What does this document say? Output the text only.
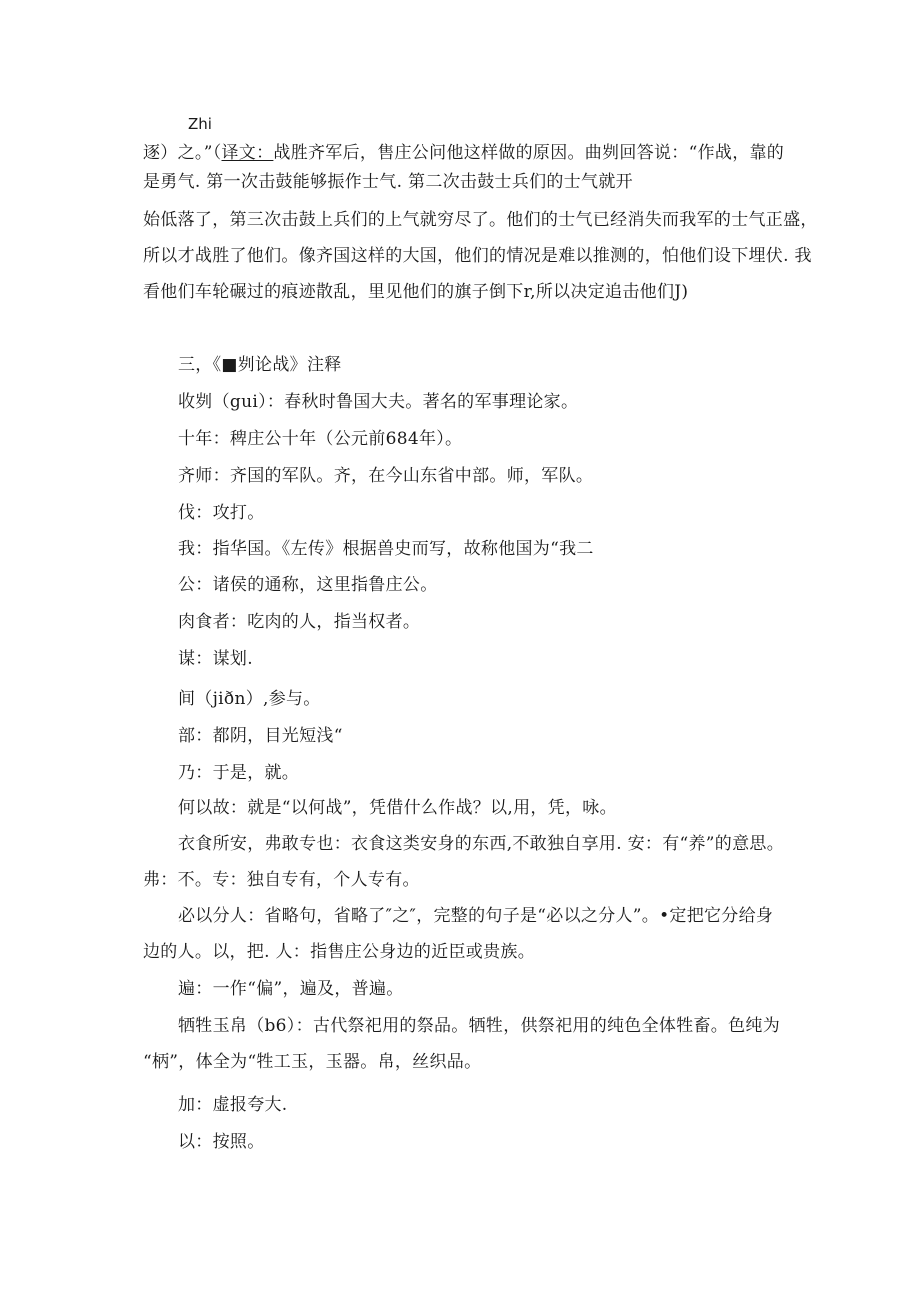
Zhi
逐）之。”（译文：战胜齐军后，售庄公问他这样做的原因。曲刿回答说：“作战，靠的
是勇气. 第一次击鼓能够振作士气. 第二次击鼓士兵们的士气就开
始低落了，第三次击鼓上兵们的上气就穷尽了。他们的士气已经消失而我军的士气正盛，
所以才战胜了他们。像齐国这样的大国，他们的情况是难以推测的，怕他们设下埋伏. 我
看他们车轮碾过的痕迹散乱，里见他们的旗子倒下r,所以决定追击他们J)
三，《■刿论战》注释
收刿（gui）：春秋时鲁国大夫。著名的军事理论家。
十年：稗庄公十年（公元前684年）。
齐师：齐国的军队。齐，在今山东省中部。师，军队。
伐：攻打。
我：指华国。《左传》根据兽史而写，故称他国为“我二
公：诸侯的通称，这里指鲁庄公。
肉食者：吃肉的人，指当权者。
谋：谋划.
间（jiðn）,参与。
部：都阴，目光短浅“
乃：于是，就。
何以故：就是“以何战”，凭借什么作战？以,用，凭，咏。
衣食所安，弗敢专也：衣食这类安身的东西,不敢独自享用. 安：有“养”的意思。
弗：不。专：独自专有，个人专有。
必以分人：省略句，省略了″之″，完整的句子是“必以之分人”。•定把它分给身
边的人。以，把. 人：指售庄公身边的近臣或贵族。
遍：一作“偏”，遍及，普遍。
牺牲玉帛（b6）：古代祭祀用的祭品。牺牲，供祭祀用的纯色全体牲畜。色纯为
“柄”，体全为“牲工玉，玉器。帛，丝织品。
加：虚报夸大.
以：按照。
